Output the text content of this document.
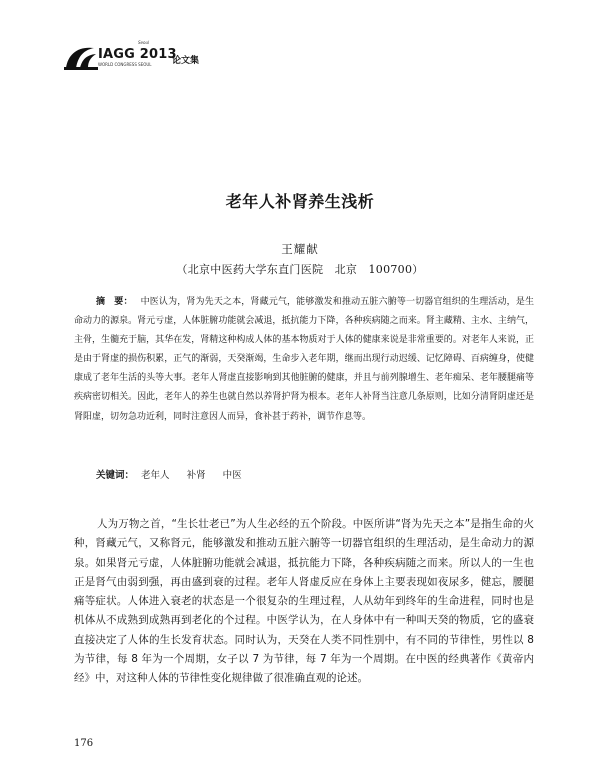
IAGG 2013
Seoul
WORLD CONGRESS SEOUL 论文集
老年人补肾养生浅析
王耀献
（北京中医药大学东直门医院　北京　100700）
摘　要： 中医认为，肾为先天之本，肾藏元气，能够激发和推动五脏六腑等一切器官组织的生理活动，是生命动力的源泉。肾元亏虚，人体脏腑功能就会减退，抵抗能力下降，各种疾病随之而来。肾主藏精、主水、主纳气，主骨，生髓充于脑，其华在发，肾精这种构成人体的基本物质对于人体的健康来说是非常重要的。对老年人来说，正是由于肾虚的损伤积累，正气的渐弱，天癸渐竭，生命步入老年期，继而出现行动迟缓、记忆障碍、百病缠身，使健康成了老年生活的头等大事。老年人肾虚直接影响到其他脏腑的健康，并且与前列腺增生、老年痴呆、老年腰腿痛等疾病密切相关。因此，老年人的养生也就自然以养肾护肾为根本。老年人补肾当注意几条原则，比如分清肾阴虚还是肾阳虚，切勿急功近利，同时注意因人而异，食补甚于药补，调节作息等。
关键词： 老年人 补肾 中医
人为万物之首，“生长壮老已”为人生必经的五个阶段。中医所讲“肾为先天之本”是指生命的火种，肾藏元气，又称肾元，能够激发和推动五脏六腑等一切器官组织的生理活动，是生命动力的源泉。如果肾元亏虚，人体脏腑功能就会减退，抵抗能力下降，各种疾病随之而来。所以人的一生也正是肾气由弱到强，再由盛到衰的过程。老年人肾虚反应在身体上主要表现如夜尿多，健忘，腰腿痛等症状。人体进入衰老的状态是一个很复杂的生理过程，人从幼年到终年的生命进程，同时也是机体从不成熟到成熟再到老化的个过程。中医学认为，在人身体中有一种叫天癸的物质，它的盛衰直接决定了人体的生长发育状态。同时认为，天癸在人类不同性别中，有不同的节律性，男性以 8 为节律，每 8 年为一个周期，女子以 7 为节律，每 7 年为一个周期。在中医的经典著作《黄帝内经》中，对这种人体的节律性变化规律做了很准确直观的论述。
176
